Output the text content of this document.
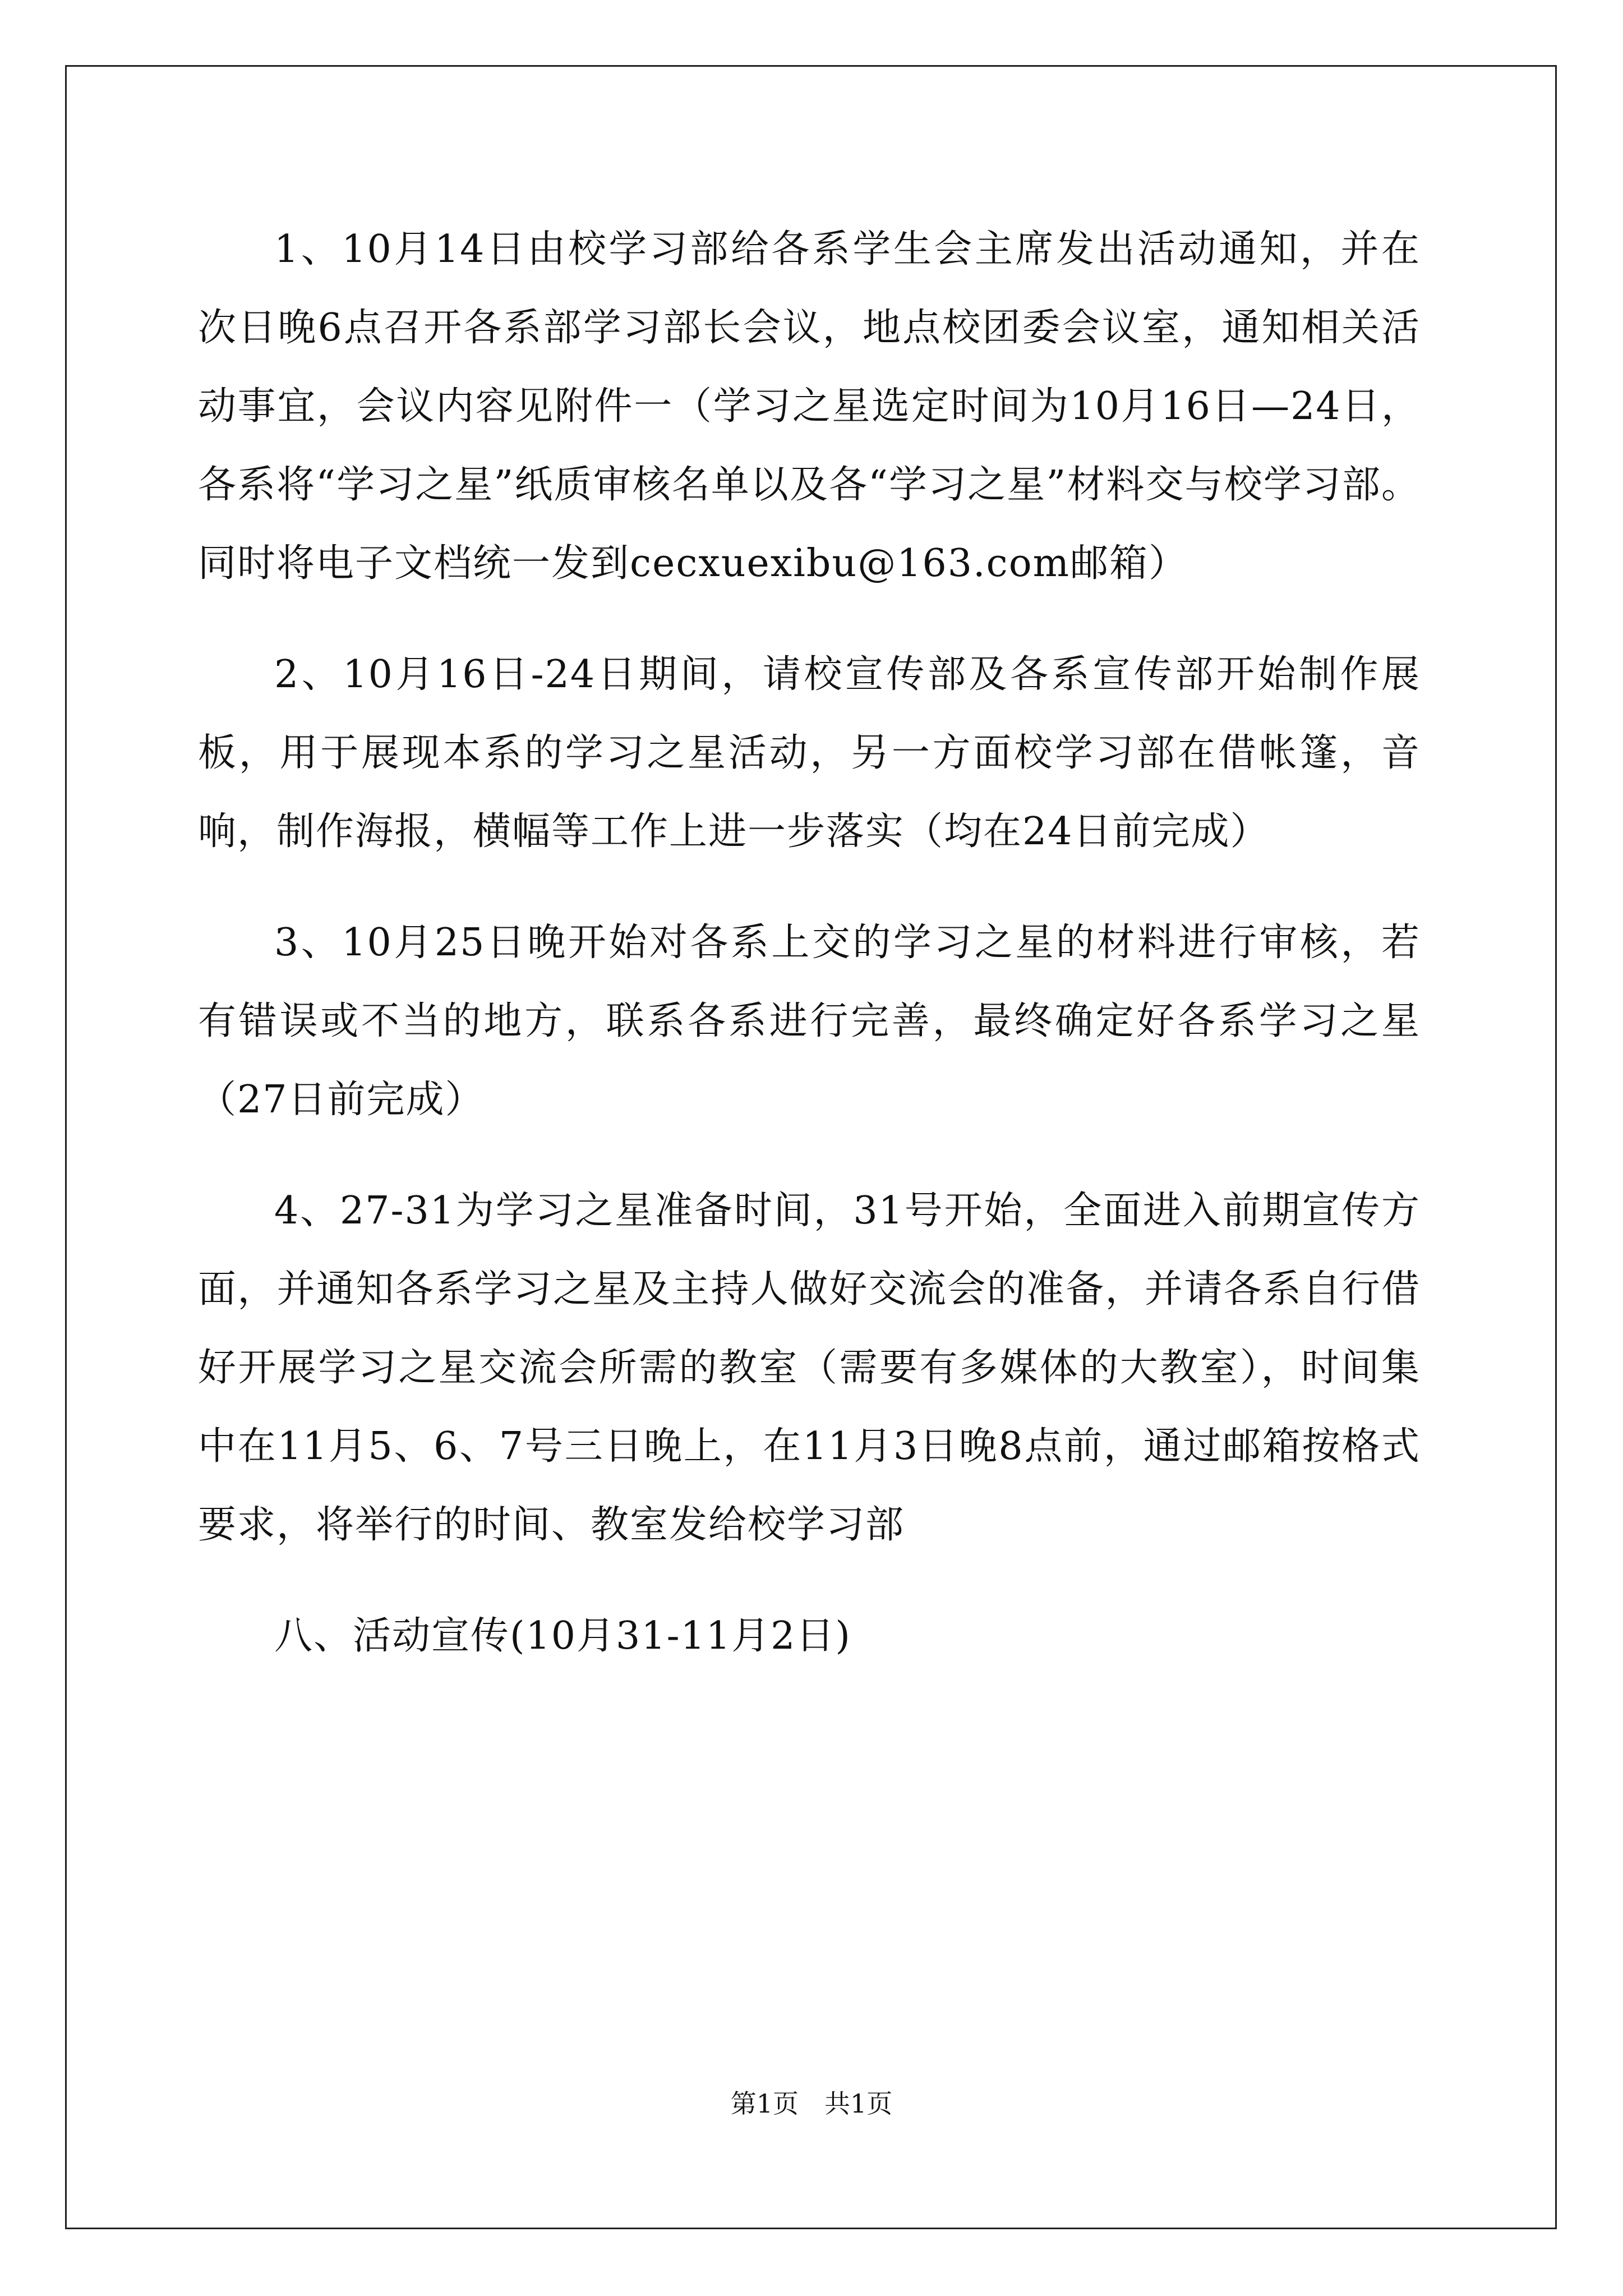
1、10月14日由校学习部给各系学生会主席发出活动通知，并在次日晚6点召开各系部学习部长会议，地点校团委会议室，通知相关活动事宜，会议内容见附件一（学习之星选定时间为10月16日—24日，各系将“学习之星”纸质审核名单以及各“学习之星”材料交与校学习部。同时将电子文档统一发到cecxuexibu@163.com邮箱）

2、10月16日-24日期间，请校宣传部及各系宣传部开始制作展板，用于展现本系的学习之星活动，另一方面校学习部在借帐篷，音响，制作海报，横幅等工作上进一步落实（均在24日前完成）

3、10月25日晚开始对各系上交的学习之星的材料进行审核，若有错误或不当的地方，联系各系进行完善，最终确定好各系学习之星（27日前完成）

4、27-31为学习之星准备时间，31号开始，全面进入前期宣传方面，并通知各系学习之星及主持人做好交流会的准备，并请各系自行借好开展学习之星交流会所需的教室（需要有多媒体的大教室），时间集中在11月5、6、7号三日晚上，在11月3日晚8点前，通过邮箱按格式要求，将举行的时间、教室发给校学习部

八、活动宣传(10月31-11月2日)

第1页　共1页
